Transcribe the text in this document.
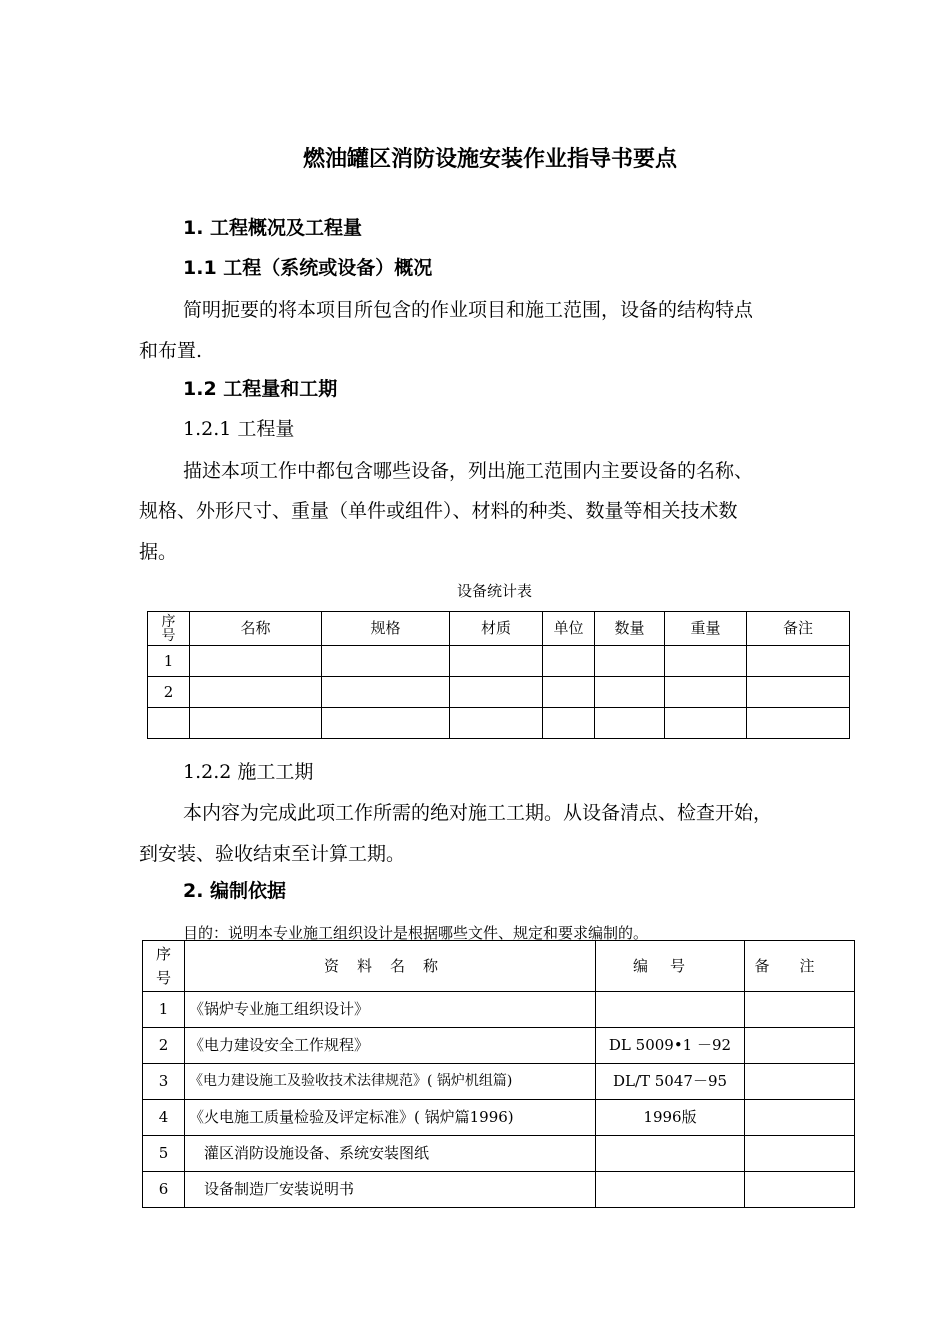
燃油罐区消防设施安装作业指导书要点
1. 工程概况及工程量
1.1 工程（系统或设备）概况
简明扼要的将本项目所包含的作业项目和施工范围，设备的结构特点
和布置.
1.2 工程量和工期
1.2.1 工程量
描述本项工作中都包含哪些设备，列出施工范围内主要设备的名称、
规格、外形尺寸、重量（单件或组件）、材料的种类、数量等相关技术数
据。
设备统计表
序号	名称	规格	材质	单位	数量	重量	备注
1							
2							

1.2.2 施工工期
本内容为完成此项工作所需的绝对施工工期。从设备清点、检查开始，
到安装、验收结束至计算工期。
2. 编制依据
目的：说明本专业施工组织设计是根据哪些文件、规定和要求编制的。
序号	资料名称	编号	备注
1	《锅炉专业施工组织设计》		
2	《电力建设安全工作规程》	DL 5009•1 －92	
3	《电力建设施工及验收技术法律规范》( 锅炉机组篇)	DL/T 5047－95	
4	《火电施工质量检验及评定标准》( 锅炉篇1996)	1996版	
5	灌区消防设施设备、系统安装图纸		
6	设备制造厂安装说明书		
